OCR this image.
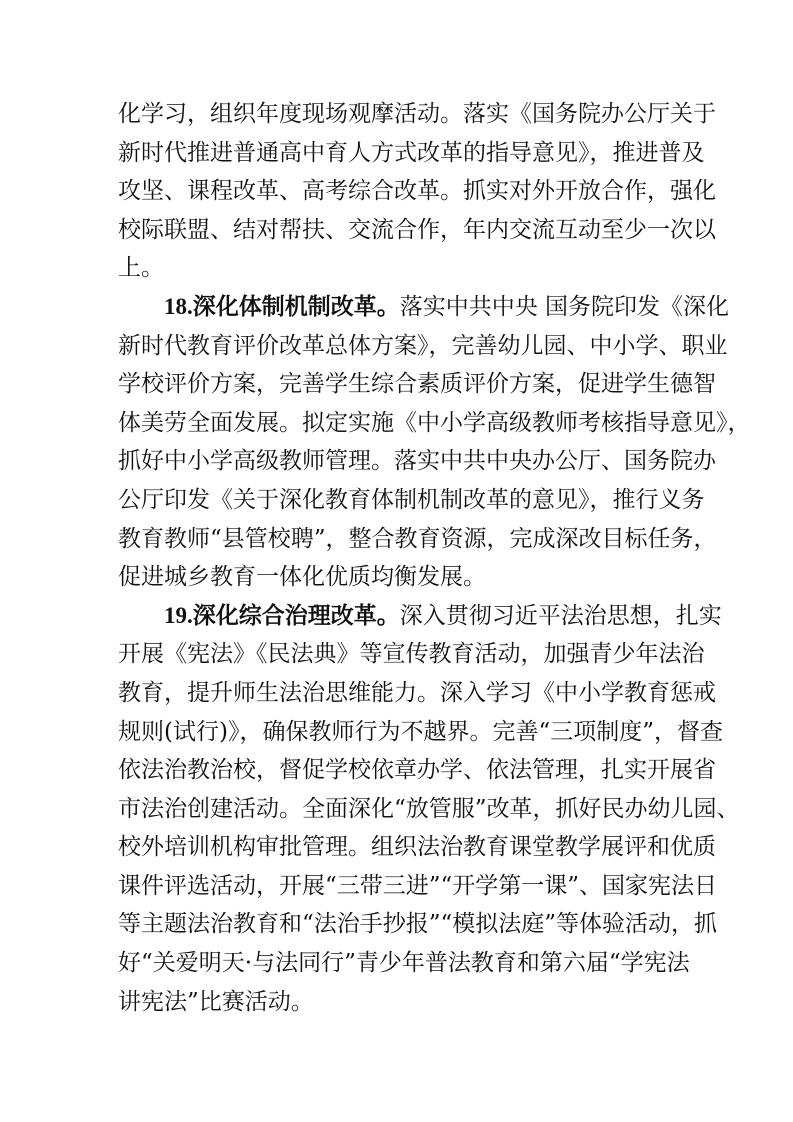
化学习，组织年度现场观摩活动。落实《国务院办公厅关于
新时代推进普通高中育人方式改革的指导意见》，推进普及
攻坚、课程改革、高考综合改革。抓实对外开放合作，强化
校际联盟、结对帮扶、交流合作，年内交流互动至少一次以
上。
18.深化体制机制改革。落实中共中央 国务院印发《深化
新时代教育评价改革总体方案》，完善幼儿园、中小学、职业
学校评价方案，完善学生综合素质评价方案，促进学生德智
体美劳全面发展。拟定实施《中小学高级教师考核指导意见》，
抓好中小学高级教师管理。落实中共中央办公厅、国务院办
公厅印发《关于深化教育体制机制改革的意见》，推行义务
教育教师“县管校聘”，整合教育资源，完成深改目标任务，
促进城乡教育一体化优质均衡发展。
19.深化综合治理改革。深入贯彻习近平法治思想，扎实
开展《宪法》《民法典》等宣传教育活动，加强青少年法治
教育，提升师生法治思维能力。深入学习《中小学教育惩戒
规则(试行)》，确保教师行为不越界。完善“三项制度”，督查
依法治教治校，督促学校依章办学、依法管理，扎实开展省
市法治创建活动。全面深化“放管服”改革，抓好民办幼儿园、
校外培训机构审批管理。组织法治教育课堂教学展评和优质
课件评选活动，开展“三带三进”“开学第一课”、国家宪法日
等主题法治教育和“法治手抄报”“模拟法庭”等体验活动，抓
好“关爱明天·与法同行”青少年普法教育和第六届“学宪法
讲宪法”比赛活动。
